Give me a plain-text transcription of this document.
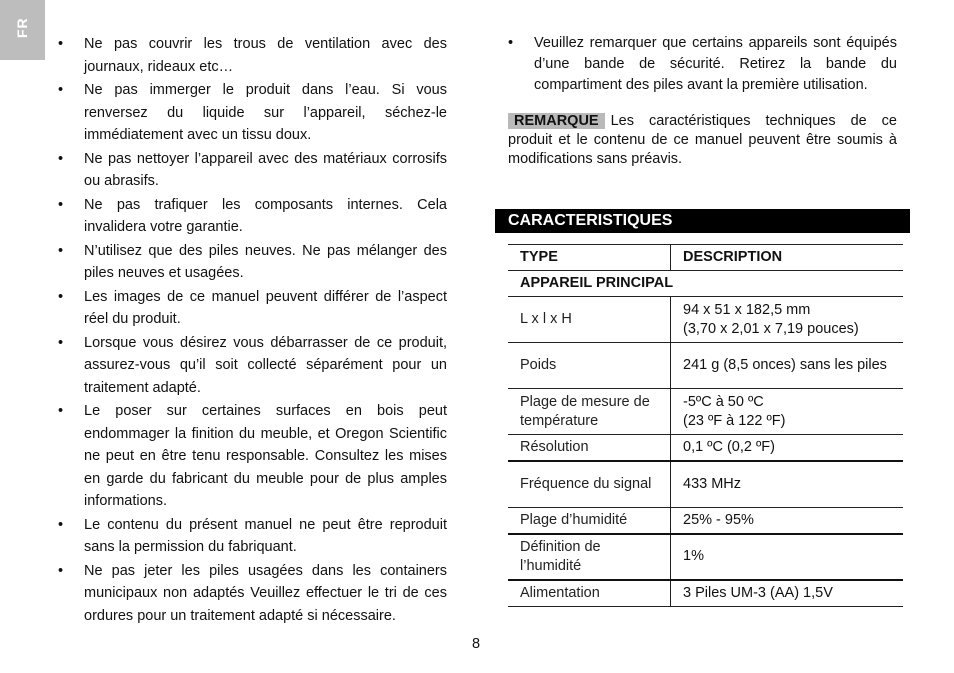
FR
• Ne pas couvrir les trous de ventilation avec des journaux, rideaux etc…
• Ne pas immerger le produit dans l’eau. Si vous renversez du liquide sur l’appareil, séchez-le immédiatement avec un tissu doux.
• Ne pas nettoyer l’appareil avec des matériaux corrosifs ou abrasifs.
• Ne pas trafiquer les composants internes. Cela invalidera votre garantie.
• N’utilisez que des piles neuves. Ne pas mélanger des piles neuves et usagées.
• Les images de ce manuel peuvent différer de l’aspect réel du produit.
• Lorsque vous désirez vous débarrasser de ce produit, assurez-vous qu’il soit collecté séparément pour un traitement adapté.
• Le poser sur certaines surfaces en bois peut endommager la finition du meuble, et Oregon Scientific ne peut en être tenu responsable. Consultez les mises en garde du fabricant du meuble pour de plus amples informations.
• Le contenu du présent manuel ne peut être reproduit sans la permission du fabriquant.
• Ne pas jeter les piles usagées dans les containers municipaux non adaptés Veuillez effectuer le tri de ces ordures pour un traitement adapté si nécessaire.
• Veuillez remarquer que certains appareils sont équipés d’une bande de sécurité. Retirez la bande du compartiment des piles avant la première utilisation.
REMARQUE Les caractéristiques techniques de ce produit et le contenu de ce manuel peuvent être soumis à modifications sans préavis.
CARACTERISTIQUES
TYPE	DESCRIPTION
APPAREIL PRINCIPAL	
L x l x H	94 x 51 x 182,5 mm
(3,70 x 2,01 x 7,19 pouces)
Poids	241 g (8,5 onces) sans les piles
Plage de mesure de température	-5ºC à 50 ºC
(23 ºF à 122 ºF)
Résolution	0,1 ºC (0,2 ºF)
Fréquence du signal	433 MHz
Plage d’humidité	25% - 95%
Définition de l’humidité	1%
Alimentation	3 Piles UM-3 (AA) 1,5V
8
